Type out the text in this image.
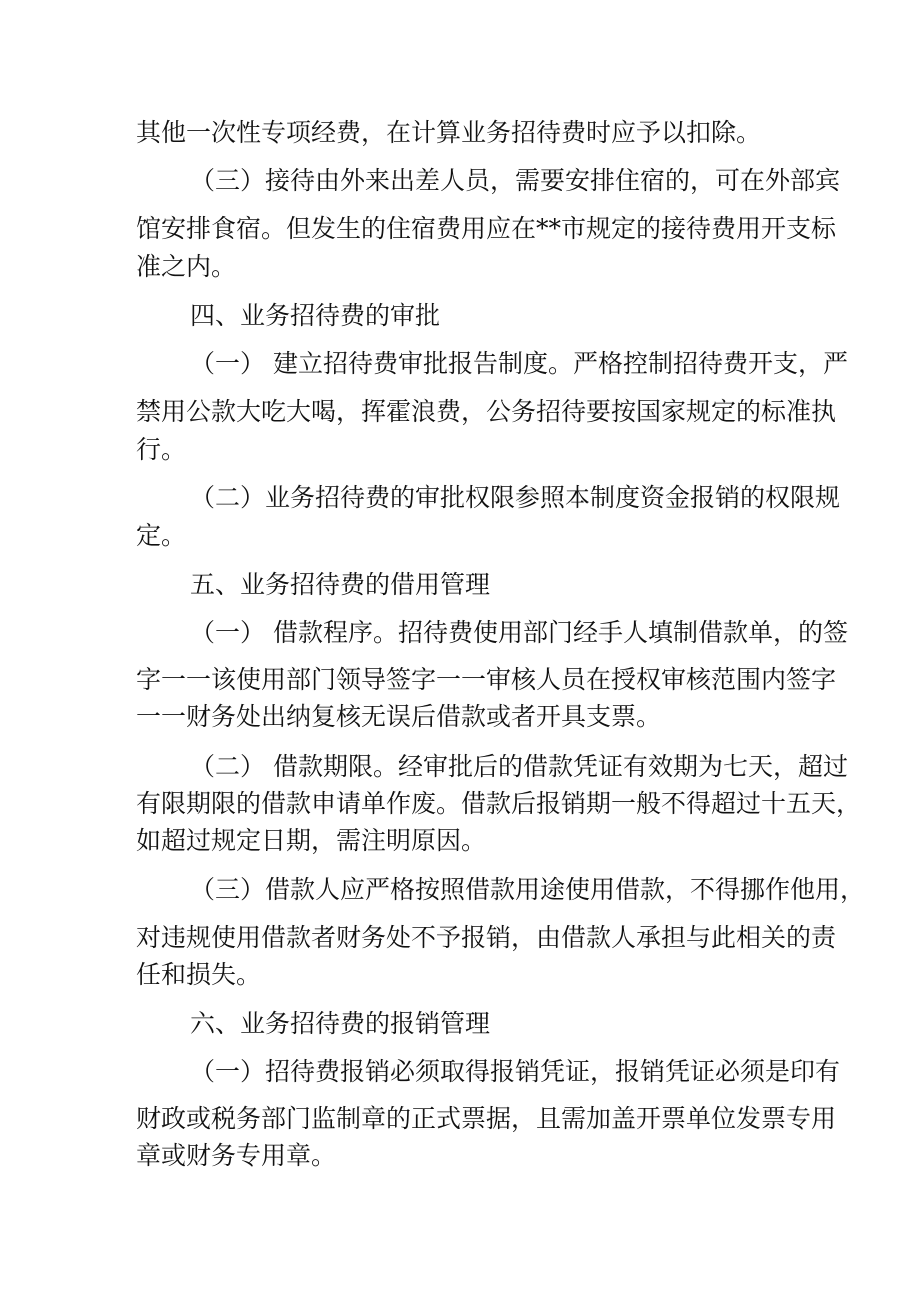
其他一次性专项经费，在计算业务招待费时应予以扣除。
（三）接待由外来出差人员，需要安排住宿的，可在外部宾
馆安排食宿。但发生的住宿费用应在**市规定的接待费用开支标
准之内。
四、业务招待费的审批
（一） 建立招待费审批报告制度。严格控制招待费开支，严
禁用公款大吃大喝，挥霍浪费，公务招待要按国家规定的标准执
行。
（二）业务招待费的审批权限参照本制度资金报销的权限规
定。
五、业务招待费的借用管理
（一） 借款程序。招待费使用部门经手人填制借款单，的签
字一一该使用部门领导签字一一审核人员在授权审核范围内签字
一一财务处出纳复核无误后借款或者开具支票。
（二） 借款期限。经审批后的借款凭证有效期为七天，超过
有限期限的借款申请单作废。借款后报销期一般不得超过十五天，
如超过规定日期，需注明原因。
（三）借款人应严格按照借款用途使用借款，不得挪作他用，
对违规使用借款者财务处不予报销，由借款人承担与此相关的责
任和损失。
六、业务招待费的报销管理
（一）招待费报销必须取得报销凭证，报销凭证必须是印有
财政或税务部门监制章的正式票据，且需加盖开票单位发票专用
章或财务专用章。
